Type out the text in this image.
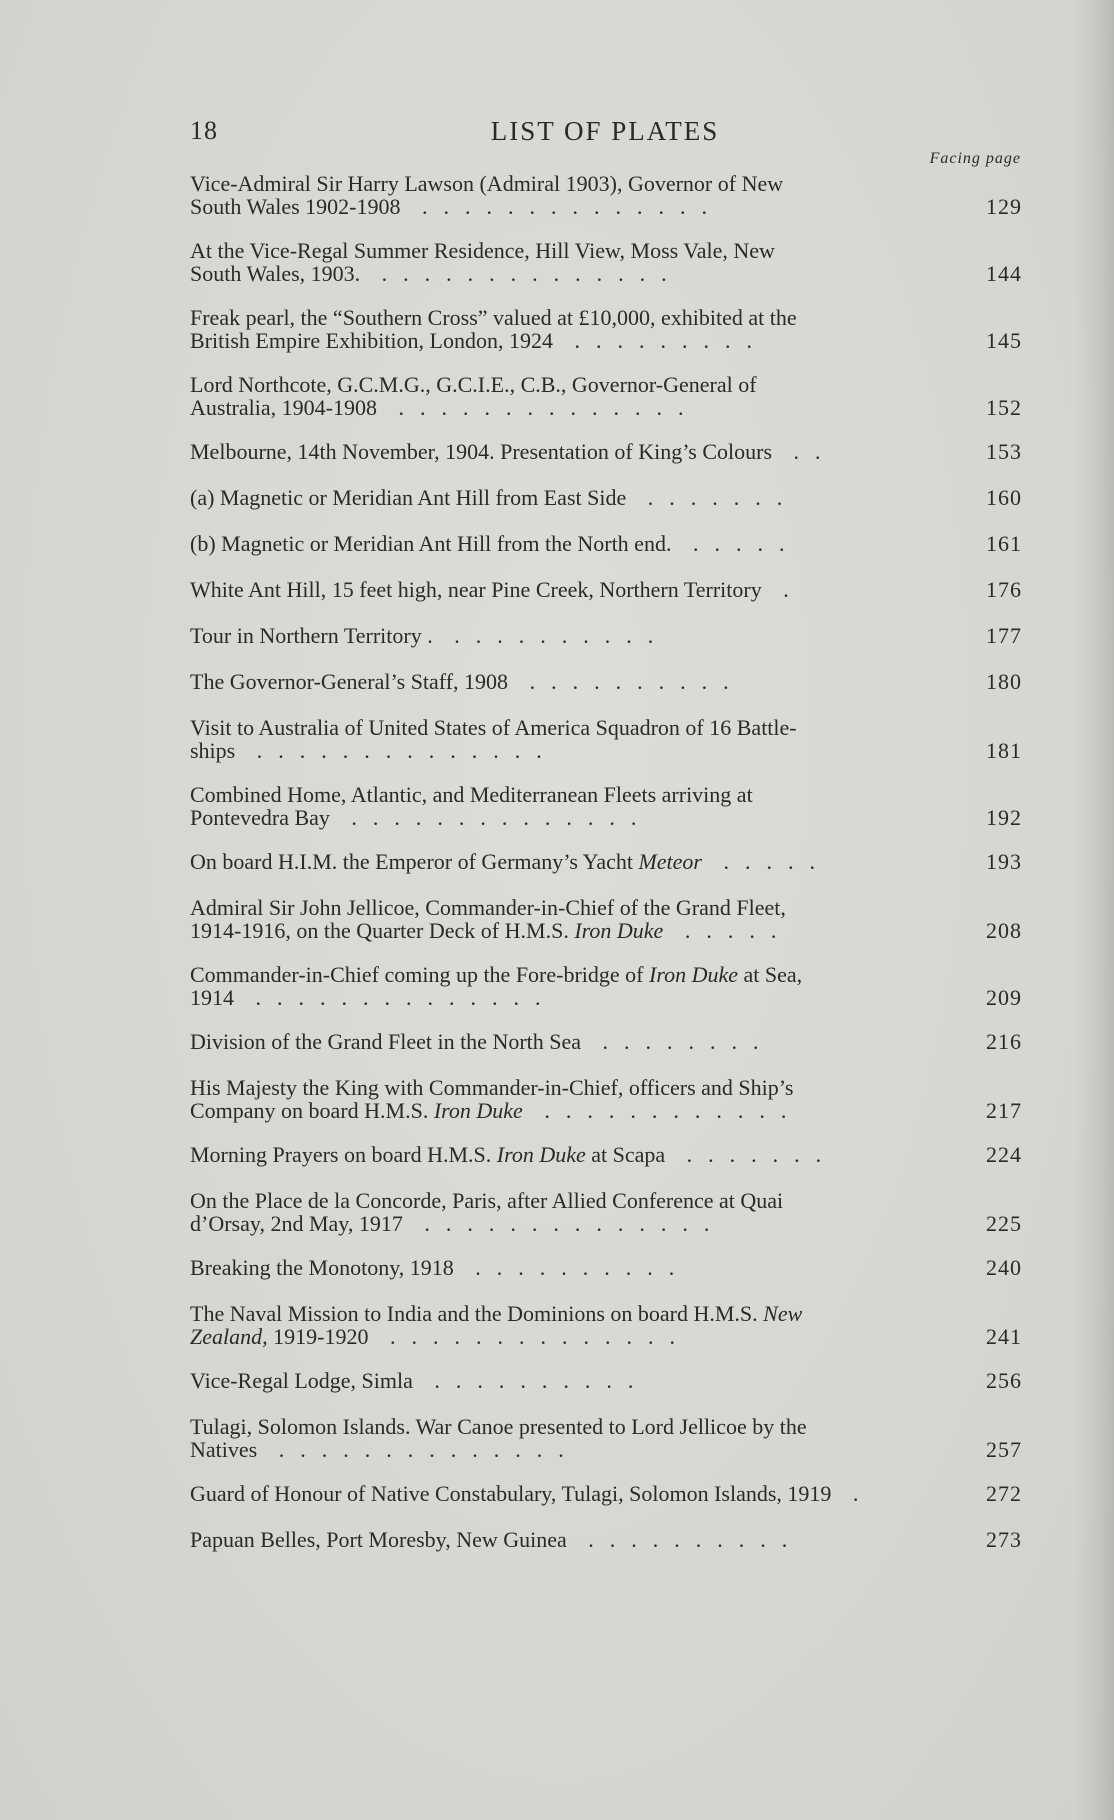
18	LIST OF PLATES
Facing page
Vice-Admiral Sir Harry Lawson (Admiral 1903), Governor of New
South Wales 1902-1908 ..............	129
At the Vice-Regal Summer Residence, Hill View, Moss Vale, New
South Wales, 1903. ..............	144
Freak pearl, the “Southern Cross” valued at £10,000, exhibited at the
British Empire Exhibition, London, 1924 .........	145
Lord Northcote, G.C.M.G., G.C.I.E., C.B., Governor-General of
Australia, 1904-1908 ..............	152
Melbourne, 14th November, 1904. Presentation of King’s Colours ..	153
(a) Magnetic or Meridian Ant Hill from East Side .......	160
(b) Magnetic or Meridian Ant Hill from the North end. .....	161
White Ant Hill, 15 feet high, near Pine Creek, Northern Territory .	176
Tour in Northern Territory . ..........	177
The Governor-General’s Staff, 1908 ..........	180
Visit to Australia of United States of America Squadron of 16 Battle-
ships ..............	181
Combined Home, Atlantic, and Mediterranean Fleets arriving at
Pontevedra Bay ..............	192
On board H.I.M. the Emperor of Germany’s Yacht Meteor .....	193
Admiral Sir John Jellicoe, Commander-in-Chief of the Grand Fleet,
1914-1916, on the Quarter Deck of H.M.S. Iron Duke .....	208
Commander-in-Chief coming up the Fore-bridge of Iron Duke at Sea,
1914 ..............	209
Division of the Grand Fleet in the North Sea ........	216
His Majesty the King with Commander-in-Chief, officers and Ship’s
Company on board H.M.S. Iron Duke ............	217
Morning Prayers on board H.M.S. Iron Duke at Scapa .......	224
On the Place de la Concorde, Paris, after Allied Conference at Quai
d’Orsay, 2nd May, 1917 ..............	225
Breaking the Monotony, 1918 ..........	240
The Naval Mission to India and the Dominions on board H.M.S. New
Zealand, 1919-1920 ..............	241
Vice-Regal Lodge, Simla ..........	256
Tulagi, Solomon Islands. War Canoe presented to Lord Jellicoe by the
Natives ..............	257
Guard of Honour of Native Constabulary, Tulagi, Solomon Islands, 1919 .	272
Papuan Belles, Port Moresby, New Guinea ..........	273
